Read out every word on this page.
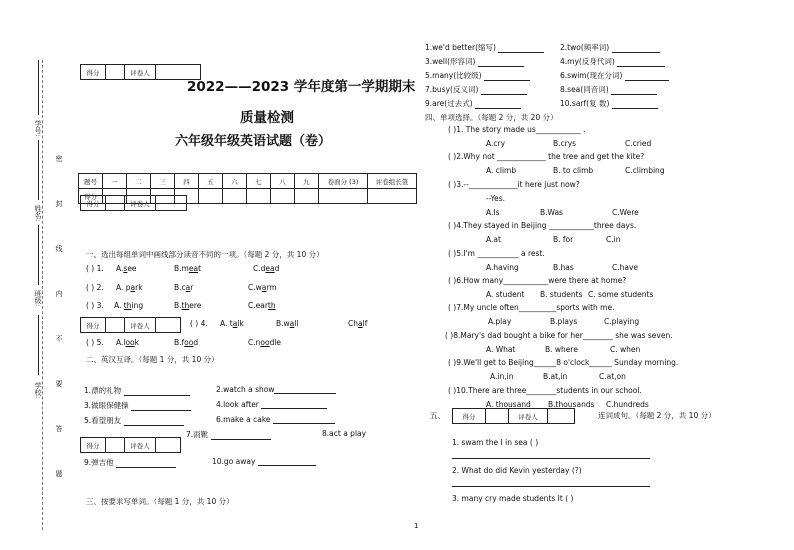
学校:
班级:
姓名:
学号:
密
封
线
内
不
要
答
题
得分		评卷人	
2022——2023 学年度第一学期期末
质量检测
六年级年级英语试题（卷）
题号	一	二	三	四	五	六	七	八	九	卷面分 (3)	评卷组长签
得分											
得分		评卷人	
一、选出每组单词中画线部分读音不同的一项。（每题 2 分，共 10 分）
( ) 1. A.see	B.meat	C.dead
( ) 2. A. park	B.car	C.warm
( ) 3. A. thing	B.there	C.earth
得分		评卷人		( ) 4. A. talk	B.wall	Chalf
( ) 5. A.look	B.food	C.noodle
二、英汉互译。（每题 1 分，共 10 分）
1.漂的礼物	2.watch a show
3.做眼保健操	4.look after
5.看望朋友	6.make a cake
7.雨靴	8.act a play
得分		评卷人	
9.弹吉他	10.go away
三、按要求写单词。（每题 1 分，共 10 分）
1.we'd better(缩写)	2.two(频率词)
3.well(形容词)	4.my(反身代词)
5.many(比较级)	6.swim(现在分词)
7.busy(反义词)	8.sea(同音词)
9.are(过去式)	10.sarf(复 数)
四、单项选择。（每题 2 分，共 20 分）
( )1. The story made us____________ .
A.cry	B.crys	C.cried
( )2.Why not _____________ the tree and get the kite?
A. climb	B. to climb	C.climbing
( )3.--_____________it here just now?
--Yes.
A.Is	B.Was	C.Were
( )4.They stayed in Beijing ____________three days.
A.at	B. for	C.in
( )5.I'm ___________ a rest.
A.having	B.has	C.have
( )6.How many____________were there at home?
A. student B. students C. some students
( )7.My uncle often__________sports with me.
A.play	B.plays	C.playing
( )8.Mary's dad bought a bike for her________ she was seven.
A. What	B. where	C. when
( )9.We'll get to Beijing______8 o'clock______ Sunday morning.
A.in,in	B.at,in	C.at,on
( )10.There are three________students in our school.
A. thousand B.thousands C.hundreds
五、	得分		评卷人		连词成句。（每题 2 分，共 10 分）
1. swam the I in sea ( )
2. What do did Kevin yesterday (?)
3. many cry made students It ( )
1
